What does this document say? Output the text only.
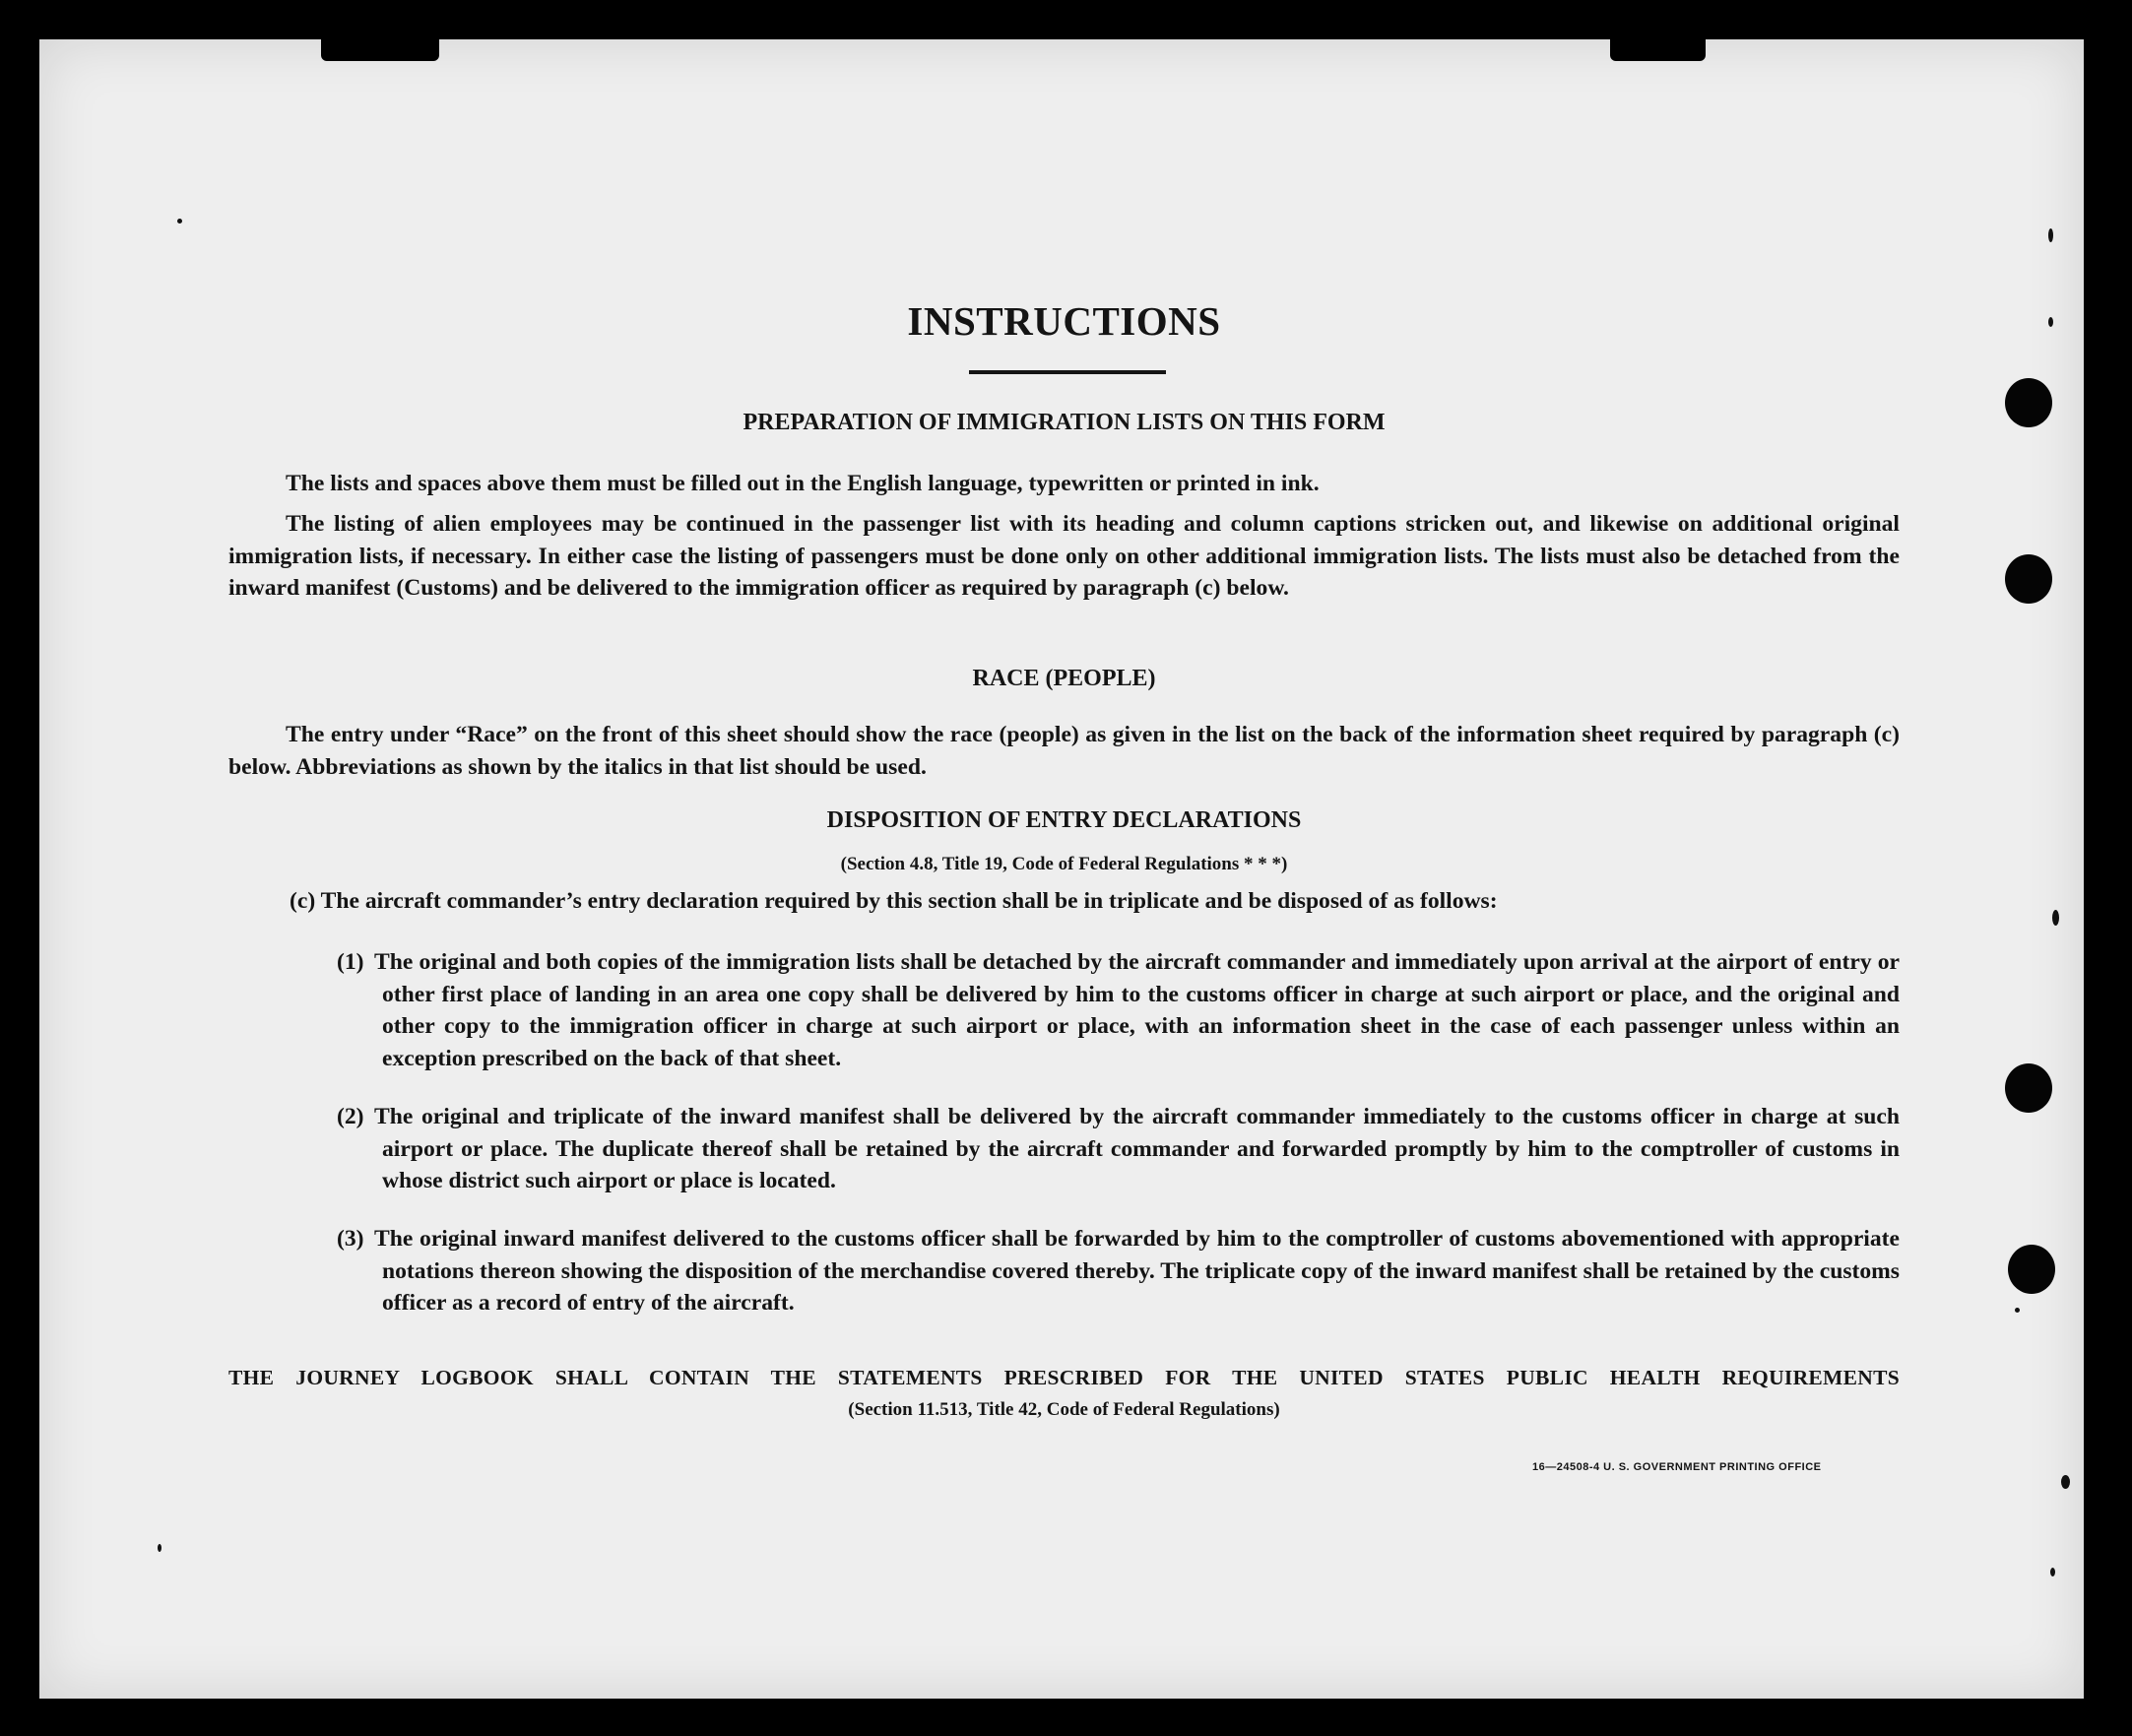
INSTRUCTIONS
PREPARATION OF IMMIGRATION LISTS ON THIS FORM
The lists and spaces above them must be filled out in the English language, typewritten or printed in ink.
The listing of alien employees may be continued in the passenger list with its heading and column captions stricken out, and likewise on additional original immigration lists, if necessary. In either case the listing of passengers must be done only on other additional immigration lists. The lists must also be detached from the inward manifest (Customs) and be delivered to the immigration officer as required by paragraph (c) below.
RACE (PEOPLE)
The entry under “Race” on the front of this sheet should show the race (people) as given in the list on the back of the information sheet required by paragraph (c) below. Abbreviations as shown by the italics in that list should be used.
DISPOSITION OF ENTRY DECLARATIONS
(Section 4.8, Title 19, Code of Federal Regulations * * *)
(c) The aircraft commander’s entry declaration required by this section shall be in triplicate and be disposed of as follows:
(1) The original and both copies of the immigration lists shall be detached by the aircraft commander and immediately upon arrival at the airport of entry or other first place of landing in an area one copy shall be delivered by him to the customs officer in charge at such airport or place, and the original and other copy to the immigration officer in charge at such airport or place, with an information sheet in the case of each passenger unless within an exception prescribed on the back of that sheet.
(2) The original and triplicate of the inward manifest shall be delivered by the aircraft commander immediately to the customs officer in charge at such airport or place. The duplicate thereof shall be retained by the aircraft commander and forwarded promptly by him to the comptroller of customs in whose district such airport or place is located.
(3) The original inward manifest delivered to the customs officer shall be forwarded by him to the comptroller of customs abovementioned with appropriate notations thereon showing the disposition of the merchandise covered thereby. The triplicate copy of the inward manifest shall be retained by the customs officer as a record of entry of the aircraft.
THE JOURNEY LOGBOOK SHALL CONTAIN THE STATEMENTS PRESCRIBED FOR THE UNITED STATES PUBLIC HEALTH REQUIREMENTS
(Section 11.513, Title 42, Code of Federal Regulations)
16—24508-4 U. S. GOVERNMENT PRINTING OFFICE
